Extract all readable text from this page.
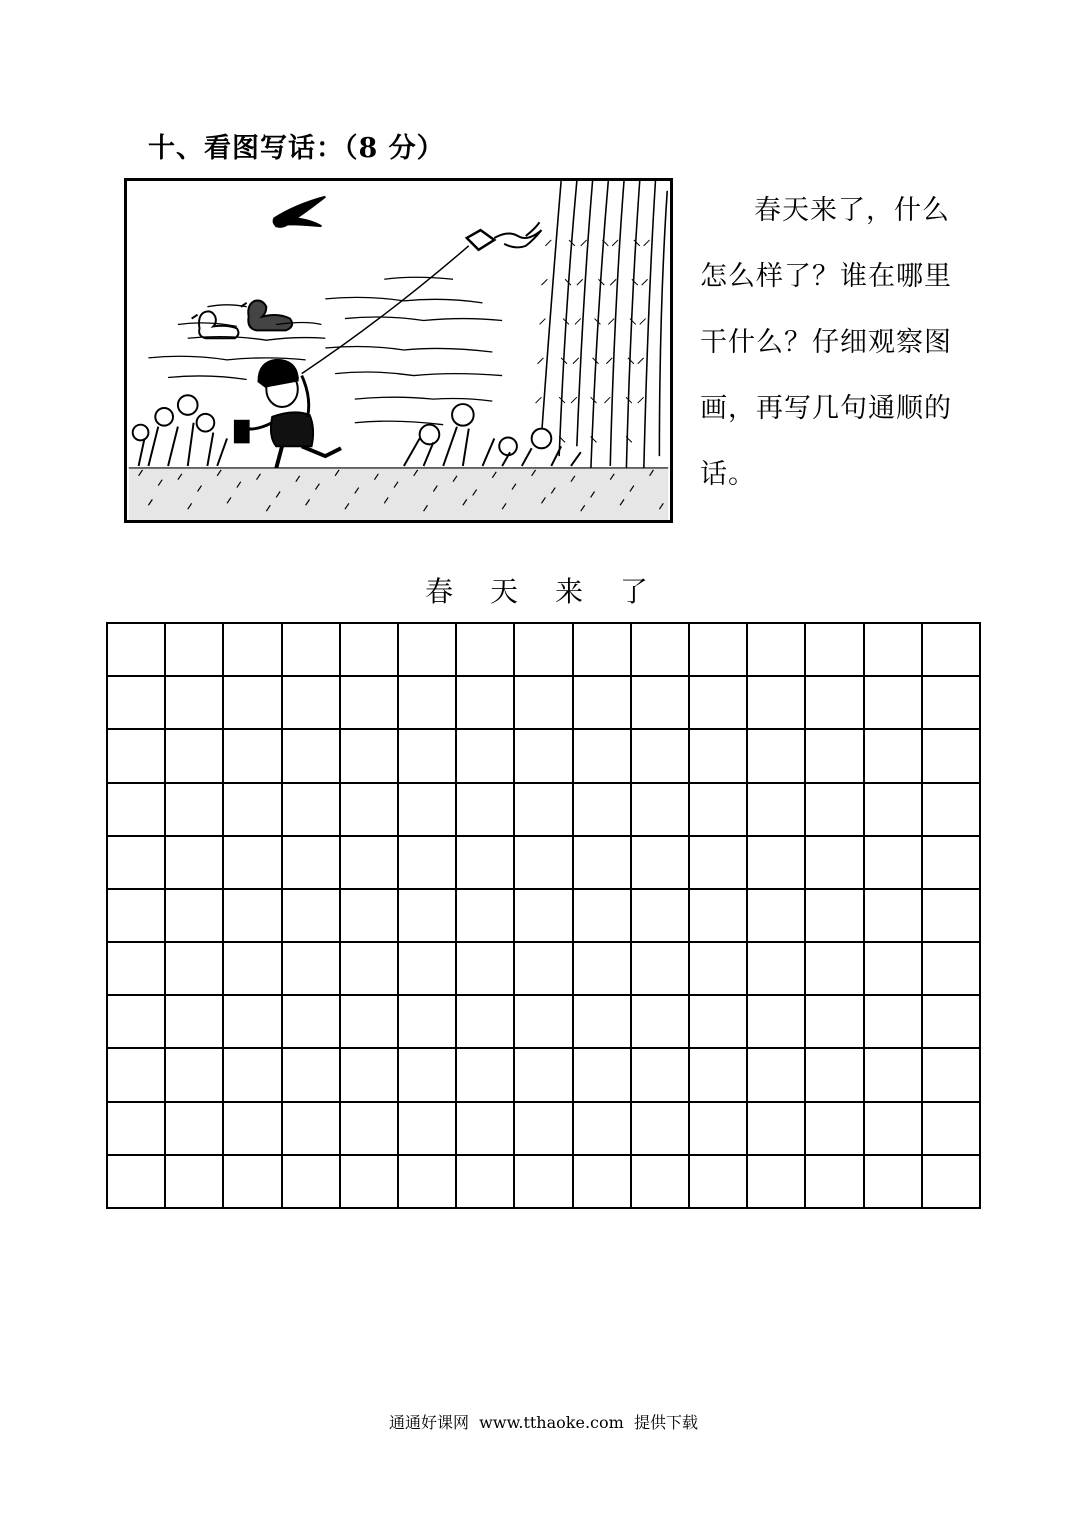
十、看图写话：（8 分）
春天来了，什么怎么样了？谁在哪里干什么？仔细观察图画，再写几句通顺的话。
春 天 来 了
通通好课网  www.tthaoke.com  提供下载
